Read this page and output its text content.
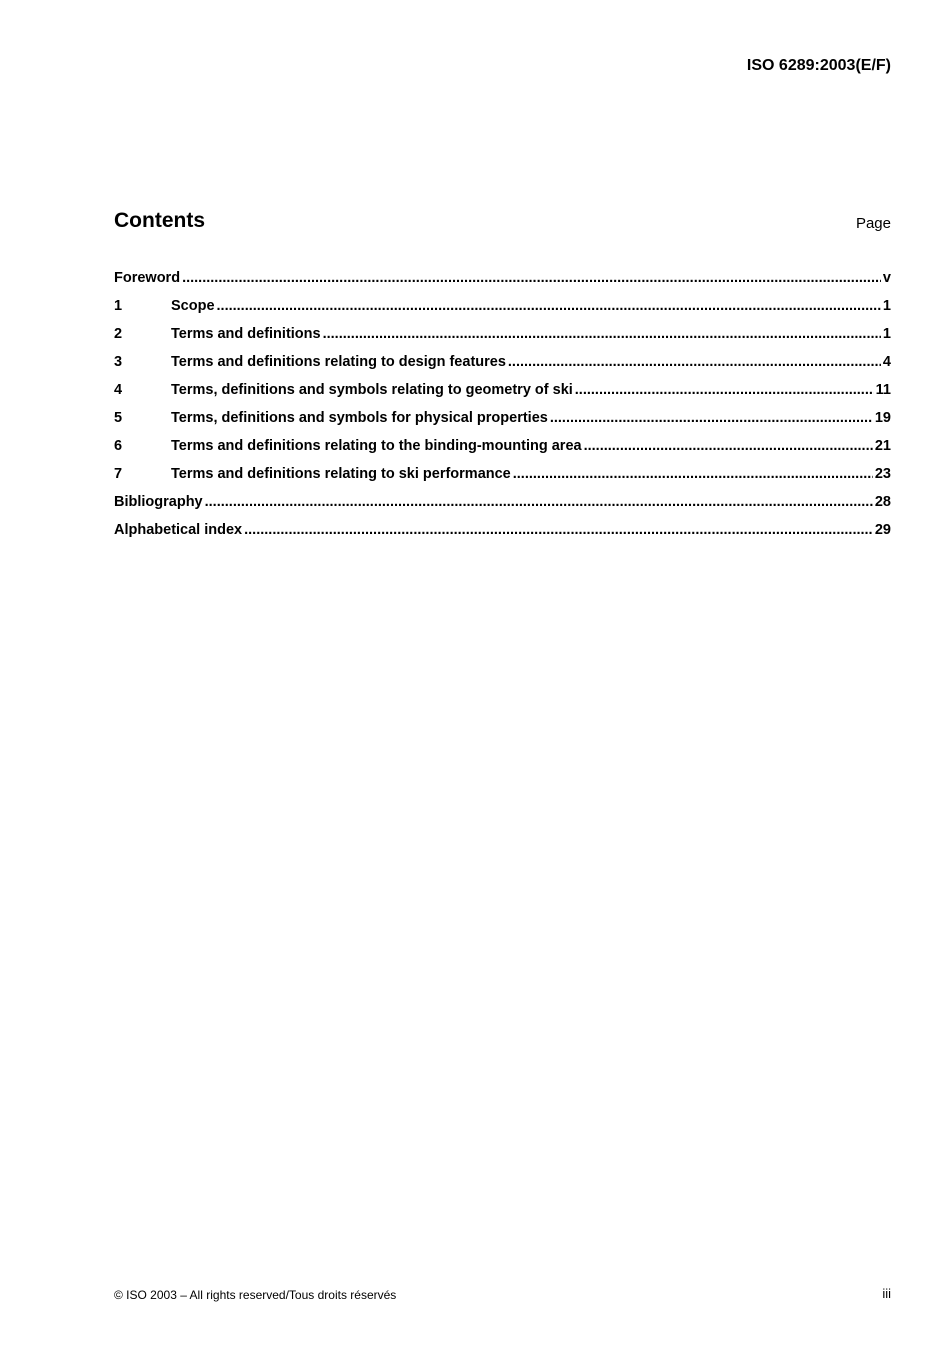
ISO 6289:2003(E/F)
Contents	Page
Foreword .....	v
1	Scope .....	1
2	Terms and definitions .....	1
3	Terms and definitions relating to design features .....	4
4	Terms, definitions and symbols relating to geometry of ski .....	11
5	Terms, definitions and symbols for physical properties .....	19
6	Terms and definitions relating to the binding-mounting area .....	21
7	Terms and definitions relating to ski performance .....	23
Bibliography .....	28
Alphabetical index .....	29
© ISO 2003 – All rights reserved/Tous droits réservés	iii
